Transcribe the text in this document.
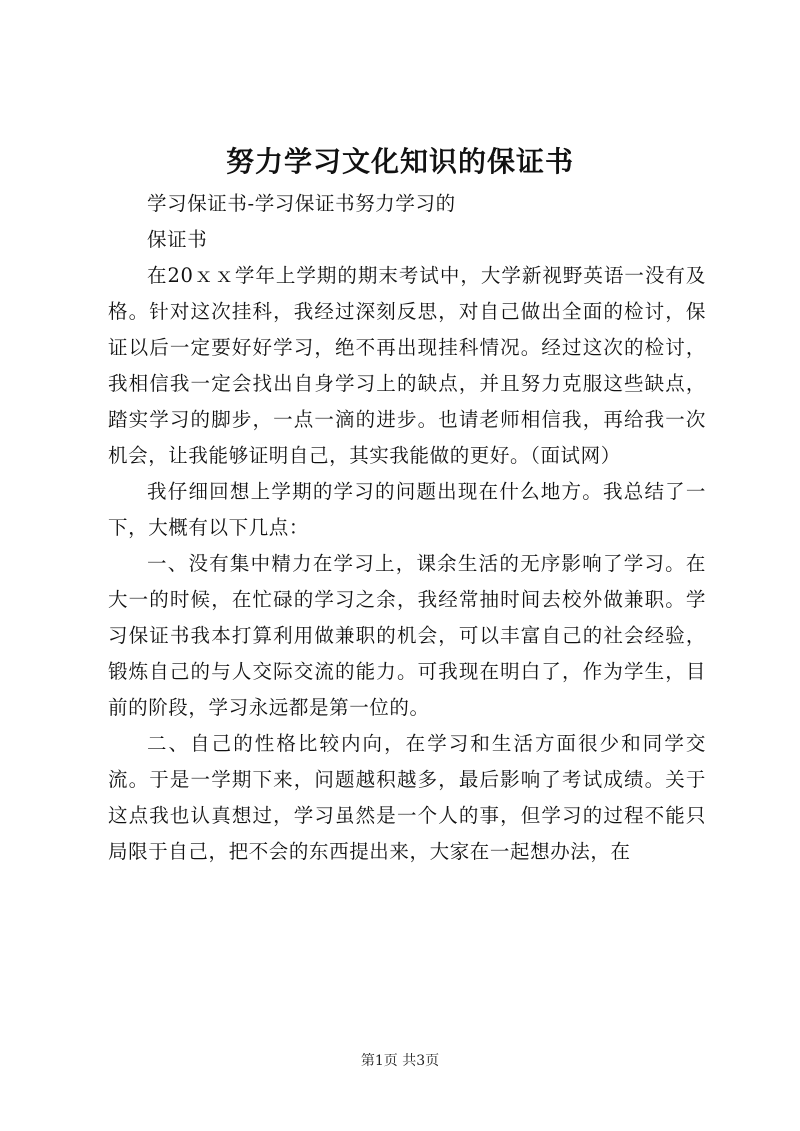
努力学习文化知识的保证书

学习保证书-学习保证书努力学习的

保证书

在20ｘｘ学年上学期的期末考试中，大学新视野英语一没有及格。针对这次挂科，我经过深刻反思，对自己做出全面的检讨，保证以后一定要好好学习，绝不再出现挂科情况。经过这次的检讨，我相信我一定会找出自身学习上的缺点，并且努力克服这些缺点，踏实学习的脚步，一点一滴的进步。也请老师相信我，再给我一次机会，让我能够证明自己，其实我能做的更好。（面试网）

我仔细回想上学期的学习的问题出现在什么地方。我总结了一下，大概有以下几点：

一、没有集中精力在学习上，课余生活的无序影响了学习。在大一的时候，在忙碌的学习之余，我经常抽时间去校外做兼职。学习保证书我本打算利用做兼职的机会，可以丰富自己的社会经验，锻炼自己的与人交际交流的能力。可我现在明白了，作为学生，目前的阶段，学习永远都是第一位的。

二、自己的性格比较内向，在学习和生活方面很少和同学交流。于是一学期下来，问题越积越多，最后影响了考试成绩。关于这点我也认真想过，学习虽然是一个人的事，但学习的过程不能只局限于自己，把不会的东西提出来，大家在一起想办法，在

第1页 共3页
